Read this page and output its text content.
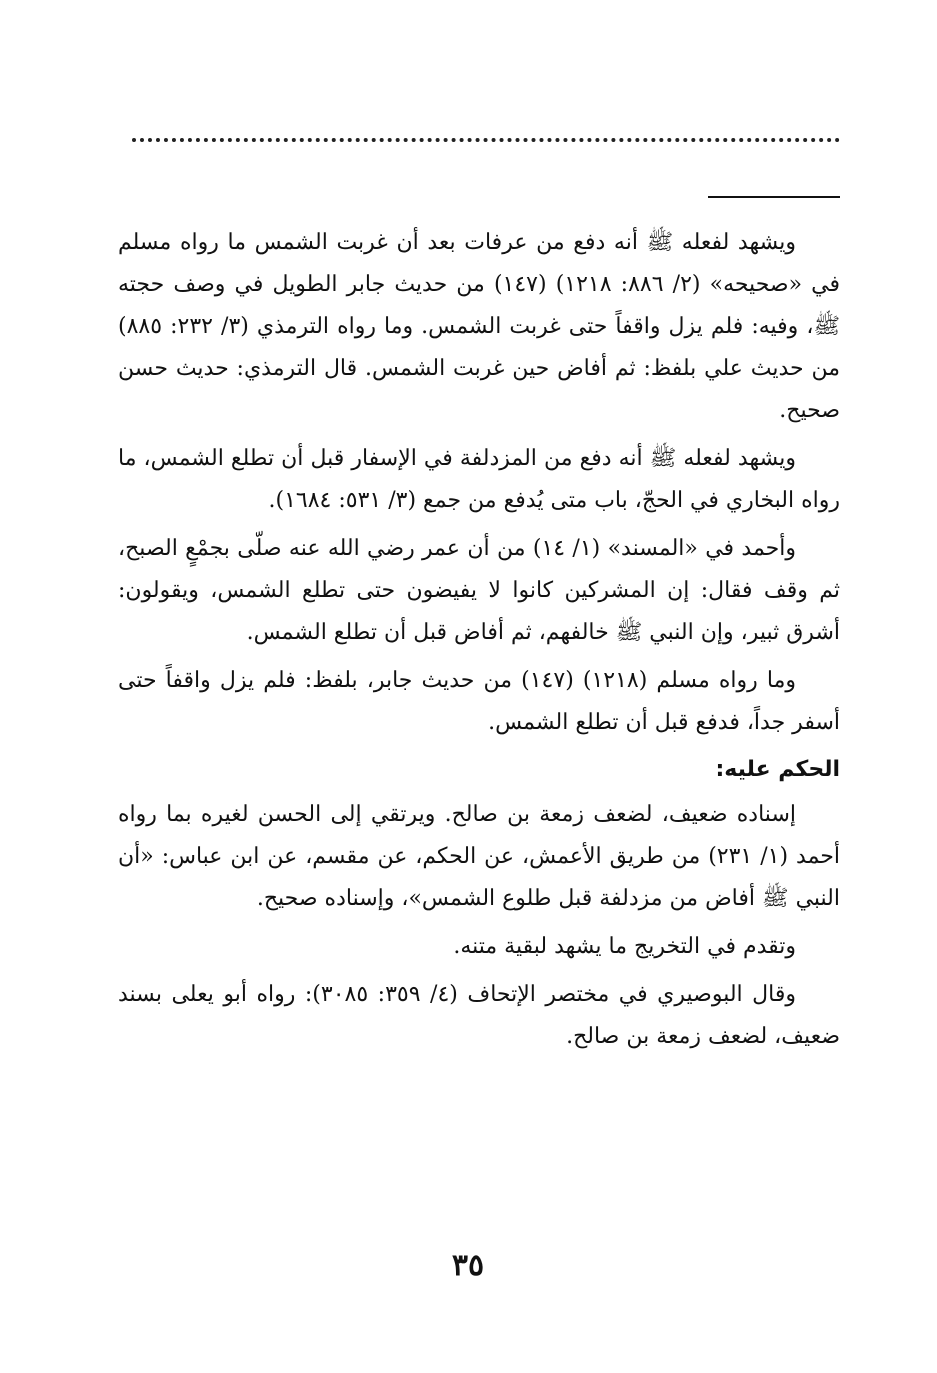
ويشهد لفعله ﷺ أنه دفع من عرفات بعد أن غربت الشمس ما رواه مسلم في «صحيحه» (٢/ ٨٨٦: ١٢١٨) (١٤٧) من حديث جابر الطويل في وصف حجته ﷺ، وفيه: فلم يزل واقفاً حتى غربت الشمس. وما رواه الترمذي (٣/ ٢٣٢: ٨٨٥) من حديث علي بلفظ: ثم أفاض حين غربت الشمس. قال الترمذي: حديث حسن صحيح.

ويشهد لفعله ﷺ أنه دفع من المزدلفة في الإسفار قبل أن تطلع الشمس، ما رواه البخاري في الحجّ، باب متى يُدفع من جمع (٣/ ٥٣١: ١٦٨٤).

وأحمد في «المسند» (١/ ١٤) من أن عمر رضي الله عنه صلّى بجمْعٍ الصبح، ثم وقف فقال: إن المشركين كانوا لا يفيضون حتى تطلع الشمس، ويقولون: أشرق ثبير، وإن النبي ﷺ خالفهم، ثم أفاض قبل أن تطلع الشمس.

وما رواه مسلم (١٢١٨) (١٤٧) من حديث جابر، بلفظ: فلم يزل واقفاً حتى أسفر جداً، فدفع قبل أن تطلع الشمس.

الحكم عليه:

إسناده ضعيف، لضعف زمعة بن صالح. ويرتقي إلى الحسن لغيره بما رواه أحمد (١/ ٢٣١) من طريق الأعمش، عن الحكم، عن مقسم، عن ابن عباس: «أن النبي ﷺ أفاض من مزدلفة قبل طلوع الشمس»، وإسناده صحيح.

وتقدم في التخريج ما يشهد لبقية متنه.

وقال البوصيري في مختصر الإتحاف (٤/ ٣٥٩: ٣٠٨٥): رواه أبو يعلى بسند ضعيف، لضعف زمعة بن صالح.

٣٥
